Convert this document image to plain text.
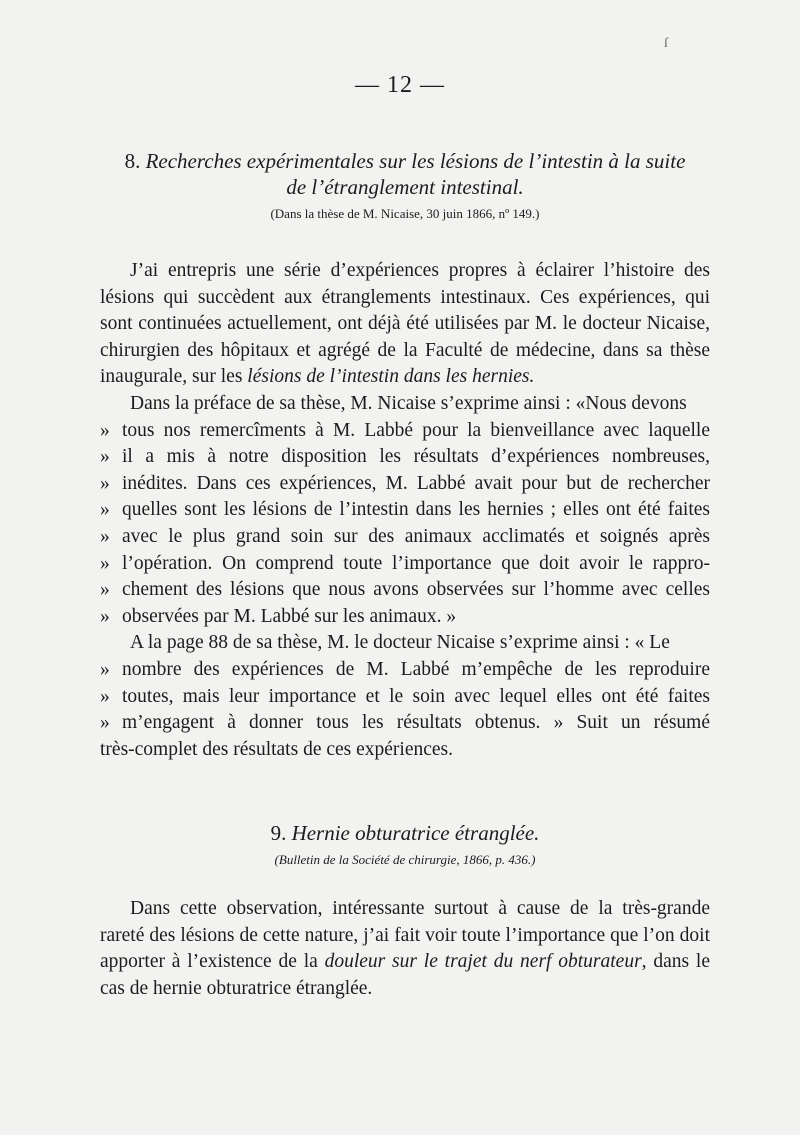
ſ
— 12 —
8. Recherches expérimentales sur les lésions de l’intestin à la suite
de l’étranglement intestinal.
(Dans la thèse de M. Nicaise, 30 juin 1866, nº 149.)

J’ai entrepris une série d’expériences propres à éclairer l’histoire des lésions qui succèdent aux étranglements intestinaux. Ces expériences, qui sont continuées actuellement, ont déjà été utilisées par M. le docteur Nicaise, chirurgien des hôpitaux et agrégé de la Faculté de médecine, dans sa thèse inaugurale, sur les lésions de l’intestin dans les hernies.

Dans la préface de sa thèse, M. Nicaise s’exprime ainsi : «Nous devons

» tous nos remercîments à M. Labbé pour la bienveillance avec laquelle
» il a mis à notre disposition les résultats d’expériences nombreuses,
» inédites. Dans ces expériences, M. Labbé avait pour but de rechercher
» quelles sont les lésions de l’intestin dans les hernies ; elles ont été faites
» avec le plus grand soin sur des animaux acclimatés et soignés après
» l’opération. On comprend toute l’importance que doit avoir le rappro-
» chement des lésions que nous avons observées sur l’homme avec celles
» observées par M. Labbé sur les animaux. »

A la page 88 de sa thèse, M. le docteur Nicaise s’exprime ainsi : « Le

» nombre des expériences de M. Labbé m’empêche de les reproduire
» toutes, mais leur importance et le soin avec lequel elles ont été faites
» m’engagent à donner tous les résultats obtenus. » Suit un résumé

très-complet des résultats de ces expériences.

9. Hernie obturatrice étranglée.
(Bulletin de la Société de chirurgie, 1866, p. 436.)

Dans cette observation, intéressante surtout à cause de la très-grande rareté des lésions de cette nature, j’ai fait voir toute l’importance que l’on doit apporter à l’existence de la douleur sur le trajet du nerf obturateur, dans le cas de hernie obturatrice étranglée.
